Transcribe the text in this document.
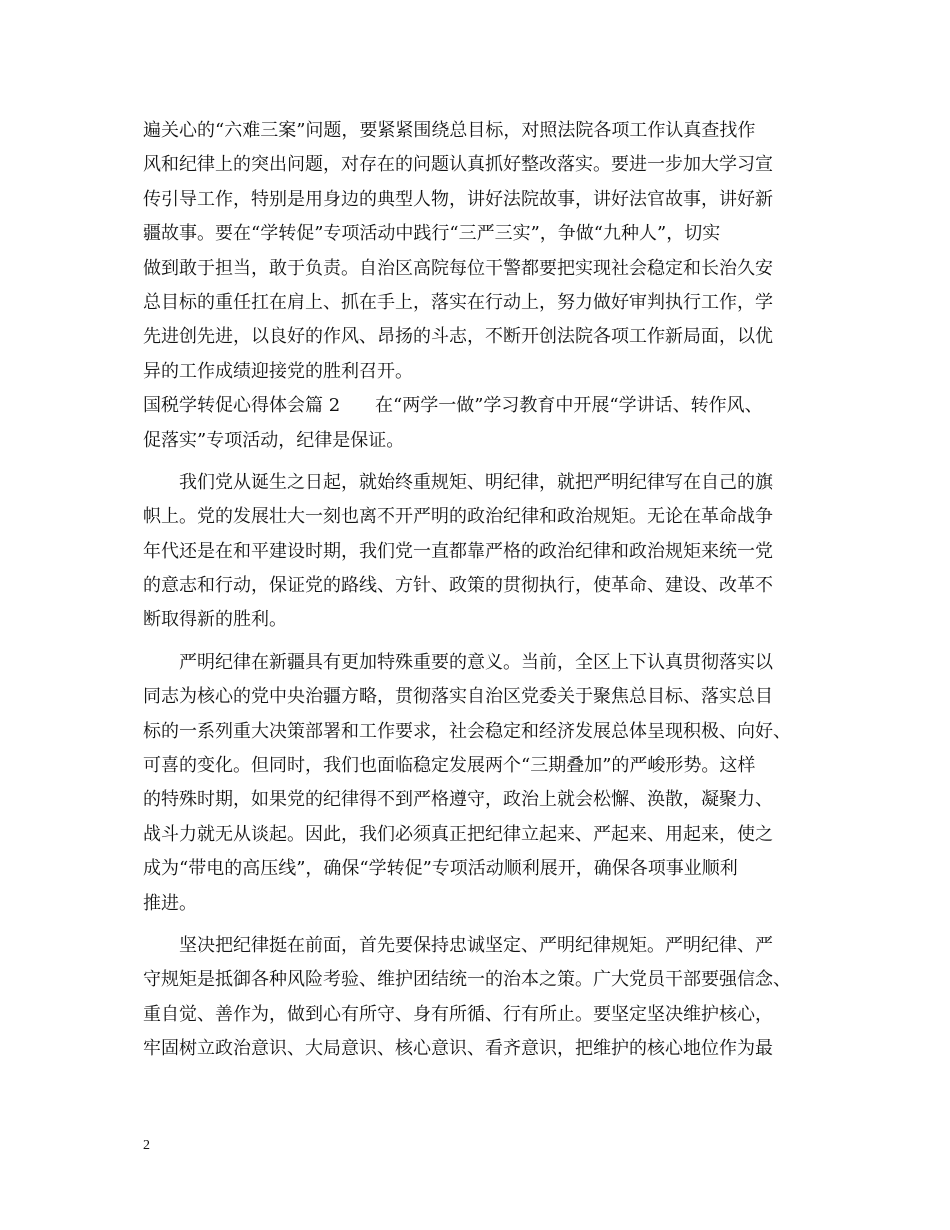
遍关心的“六难三案”问题，要紧紧围绕总目标，对照法院各项工作认真查找作
风和纪律上的突出问题，对存在的问题认真抓好整改落实。要进一步加大学习宣
传引导工作，特别是用身边的典型人物，讲好法院故事，讲好法官故事，讲好新
疆故事。要在“学转促”专项活动中践行“三严三实”，争做“九种人”，切实
做到敢于担当，敢于负责。自治区高院每位干警都要把实现社会稳定和长治久安
总目标的重任扛在肩上、抓在手上，落实在行动上，努力做好审判执行工作，学
先进创先进，以良好的作风、昂扬的斗志，不断开创法院各项工作新局面，以优
异的工作成绩迎接党的胜利召开。
国税学转促心得体会篇 2 在“两学一做”学习教育中开展“学讲话、转作风、
促落实”专项活动，纪律是保证。
我们党从诞生之日起，就始终重规矩、明纪律，就把严明纪律写在自己的旗
帜上。党的发展壮大一刻也离不开严明的政治纪律和政治规矩。无论在革命战争
年代还是在和平建设时期，我们党一直都靠严格的政治纪律和政治规矩来统一党
的意志和行动，保证党的路线、方针、政策的贯彻执行，使革命、建设、改革不
断取得新的胜利。
严明纪律在新疆具有更加特殊重要的意义。当前，全区上下认真贯彻落实以
同志为核心的党中央治疆方略，贯彻落实自治区党委关于聚焦总目标、落实总目
标的一系列重大决策部署和工作要求，社会稳定和经济发展总体呈现积极、向好、
可喜的变化。但同时，我们也面临稳定发展两个“三期叠加”的严峻形势。这样
的特殊时期，如果党的纪律得不到严格遵守，政治上就会松懈、涣散，凝聚力、
战斗力就无从谈起。因此，我们必须真正把纪律立起来、严起来、用起来，使之
成为“带电的高压线”，确保“学转促”专项活动顺利展开，确保各项事业顺利
推进。
坚决把纪律挺在前面，首先要保持忠诚坚定、严明纪律规矩。严明纪律、严
守规矩是抵御各种风险考验、维护团结统一的治本之策。广大党员干部要强信念、
重自觉、善作为，做到心有所守、身有所循、行有所止。要坚定坚决维护核心，
牢固树立政治意识、大局意识、核心意识、看齐意识，把维护的核心地位作为最
2
